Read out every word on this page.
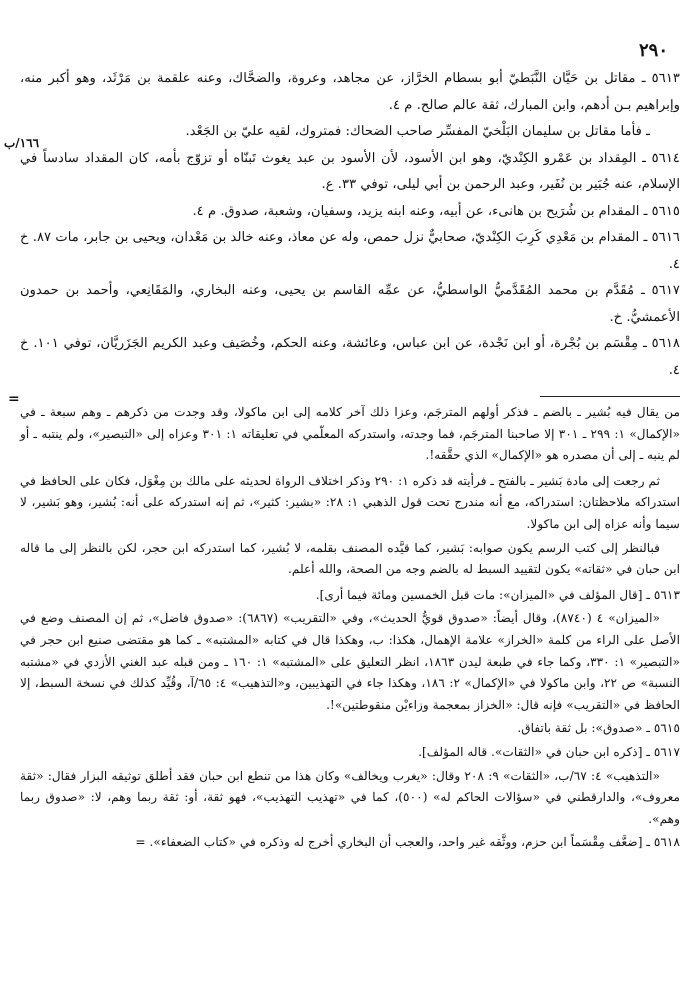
٢٩٠
١٦٦/ب

٥٦١٣ ـ مقاتل بن حَيَّان النَّبَطيّ أبو بسطام الخرَّاز، عن مجاهد، وعروة، والضحَّاك، وعنه علقمة بن مَرْثَد، وهو أكبر منه، وإبراهيم بـن أدهم، وابن المبارك، ثقة عالم صالح. م ٤.

ـ فأما مقاتل بن سليمان البَلْخيّ المفسِّر صاحب الضحاك: فمتروك، لقيه عليّ بن الجَعْد.

٥٦١٤ ـ المِقداد بن عَمْرو الكِنْديّ، وهو ابن الأسود، لأن الأسود بن عبد يغوث تَبنّاه أو تزوّج بأمه، كان المقداد سادساً في الإسلام، عنه جُبَير بن نُفَير، وعبد الرحمن بن أبي ليلى، توفي ٣٣. ع.

٥٦١٥ ـ المقدام بن شُرَيح بن هانىء، عن أبيه، وعنه ابنه يزيد، وسفيان، وشعبة، صدوق. م ٤.

٥٦١٦ ـ المقدام بن مَعْدِي كَرِبَ الكِنْديّ، صحابيٌّ نزل حمص، وله عن معاذ، وعنه خالد بن مَعْدان، ويحيى بن جابر، مات ٨٧. خ ٤.

٥٦١٧ ـ مُقَدَّم بن محمد المُقَدَّميُّ الواسطيُّ، عن عمِّه القاسم بن يحيى، وعنه البخاري، والمَقَانِعي، وأحمد بن حمدون الأعمشيُّ. خ.

٥٦١٨ ـ مِقْسَم بن بُجْرة، أو ابن نَجْدة، عن ابن عباس، وعائشة، وعنه الحكم، وخُصَيف وعبد الكريم الجَزَريَّان، توفي ١٠١. خ ٤.

=

من يقال فيه بُشير ـ بالضم ـ فذكر أولهم المترجَم، وعزا ذلك آخر كلامه إلى ابن ماكولا، وقد وجدت من ذكرهم ـ وهم سبعة ـ في «الإكمال» ١: ٢٩٩ ـ ٣٠١ إلا صاحبنا المترجَم، فما وجدته، واستدركه المعلّمي في تعليقاته ١: ٣٠١ وعزاه إلى «التبصير»، ولم ينتبه ـ أو لم ينبه ـ إلى أن مصدره هو «الإكمال» الذي حقَّقه!.

ثم رجعت إلى مادة بَشير ـ بالفتح ـ فرأيته قد ذكره ١: ٢٩٠ وذكر اختلاف الرواة لحديثه على مالك بن مِغْوَل، فكان على الحافظ في استدراكه ملاحظتان: استدراكه، مع أنه مندرج تحت قول الذهبي ١: ٢٨: «بشير: كثير»، ثم إنه استدركه على أنه: بُشير، وهو بَشير، لا سيما وأنه عزاه إلى ابن ماكولا.

فبالنظر إلى كتب الرسم يكون صوابه: بَشير، كما قيَّده المصنف بقلمه، لا بُشير، كما استدركه ابن حجر، لكن بالنظر إلى ما قاله ابن حبان في «ثقاته» يكون لتقييد السبط له بالضم وجه من الصحة، والله أعلم.

٥٦١٣ ـ [قال المؤلف في «الميزان»: مات قبل الخمسين ومائة فيما أرى].

«الميزان» ٤ (٨٧٤٠)، وقال أيضاً: «صدوق قويُّ الحديث»، وفي «التقريب» (٦٨٦٧): «صدوق فاضل»، ثم إن المصنف وضع في الأصل على الراء من كلمة «الخراز» علامة الإهمال، هكذا: ب، وهكذا قال في كتابه «المشتبه» ـ كما هو مقتضى صنيع ابن حجر في «التبصير» ١: ٣٣٠، وكما جاء في طبعة ليدن ١٨٦٣، انظر التعليق على «المشتبه» ١: ١٦٠ ـ ومن قبله عبد الغني الأزدي في «مشتبه النسبة» ص ٢٢، وابن ماكولا في «الإكمال» ٢: ١٨٦، وهكذا جاء في التهذيبين، و«التذهيب» ٤: ٦٥/آ، وقُيِّد كذلك في نسخة السبط، إلا الحافظ في «التقريب» فإنه قال: «الخزاز بمعجمة وزاءيْن منقوطتين»!.

٥٦١٥ ـ «صدوق»: بل ثقة باتفاق.

٥٦١٧ ـ [ذكره ابن حبان في «الثقات». قاله المؤلف].

«التذهيب» ٤: ٦٧/ب، «الثقات» ٩: ٢٠٨ وقال: «يغرب ويخالف» وكان هذا من تنطع ابن حبان فقد أطلق توثيقه البزار فقال: «ثقة معروف»، والدارقطني في «سؤالات الحاكم له» (٥٠٠)، كما في «تهذيب التهذيب»، فهو ثقة، أو: ثقة ربما وهم، لا: «صدوق ربما وهم».

٥٦١٨ ـ [ضعَّف مِقْسَماً ابن حزم، ووثَّقه غير واحد، والعجب أن البخاري أخرج له وذكره في «كتاب الضعفاء». =
